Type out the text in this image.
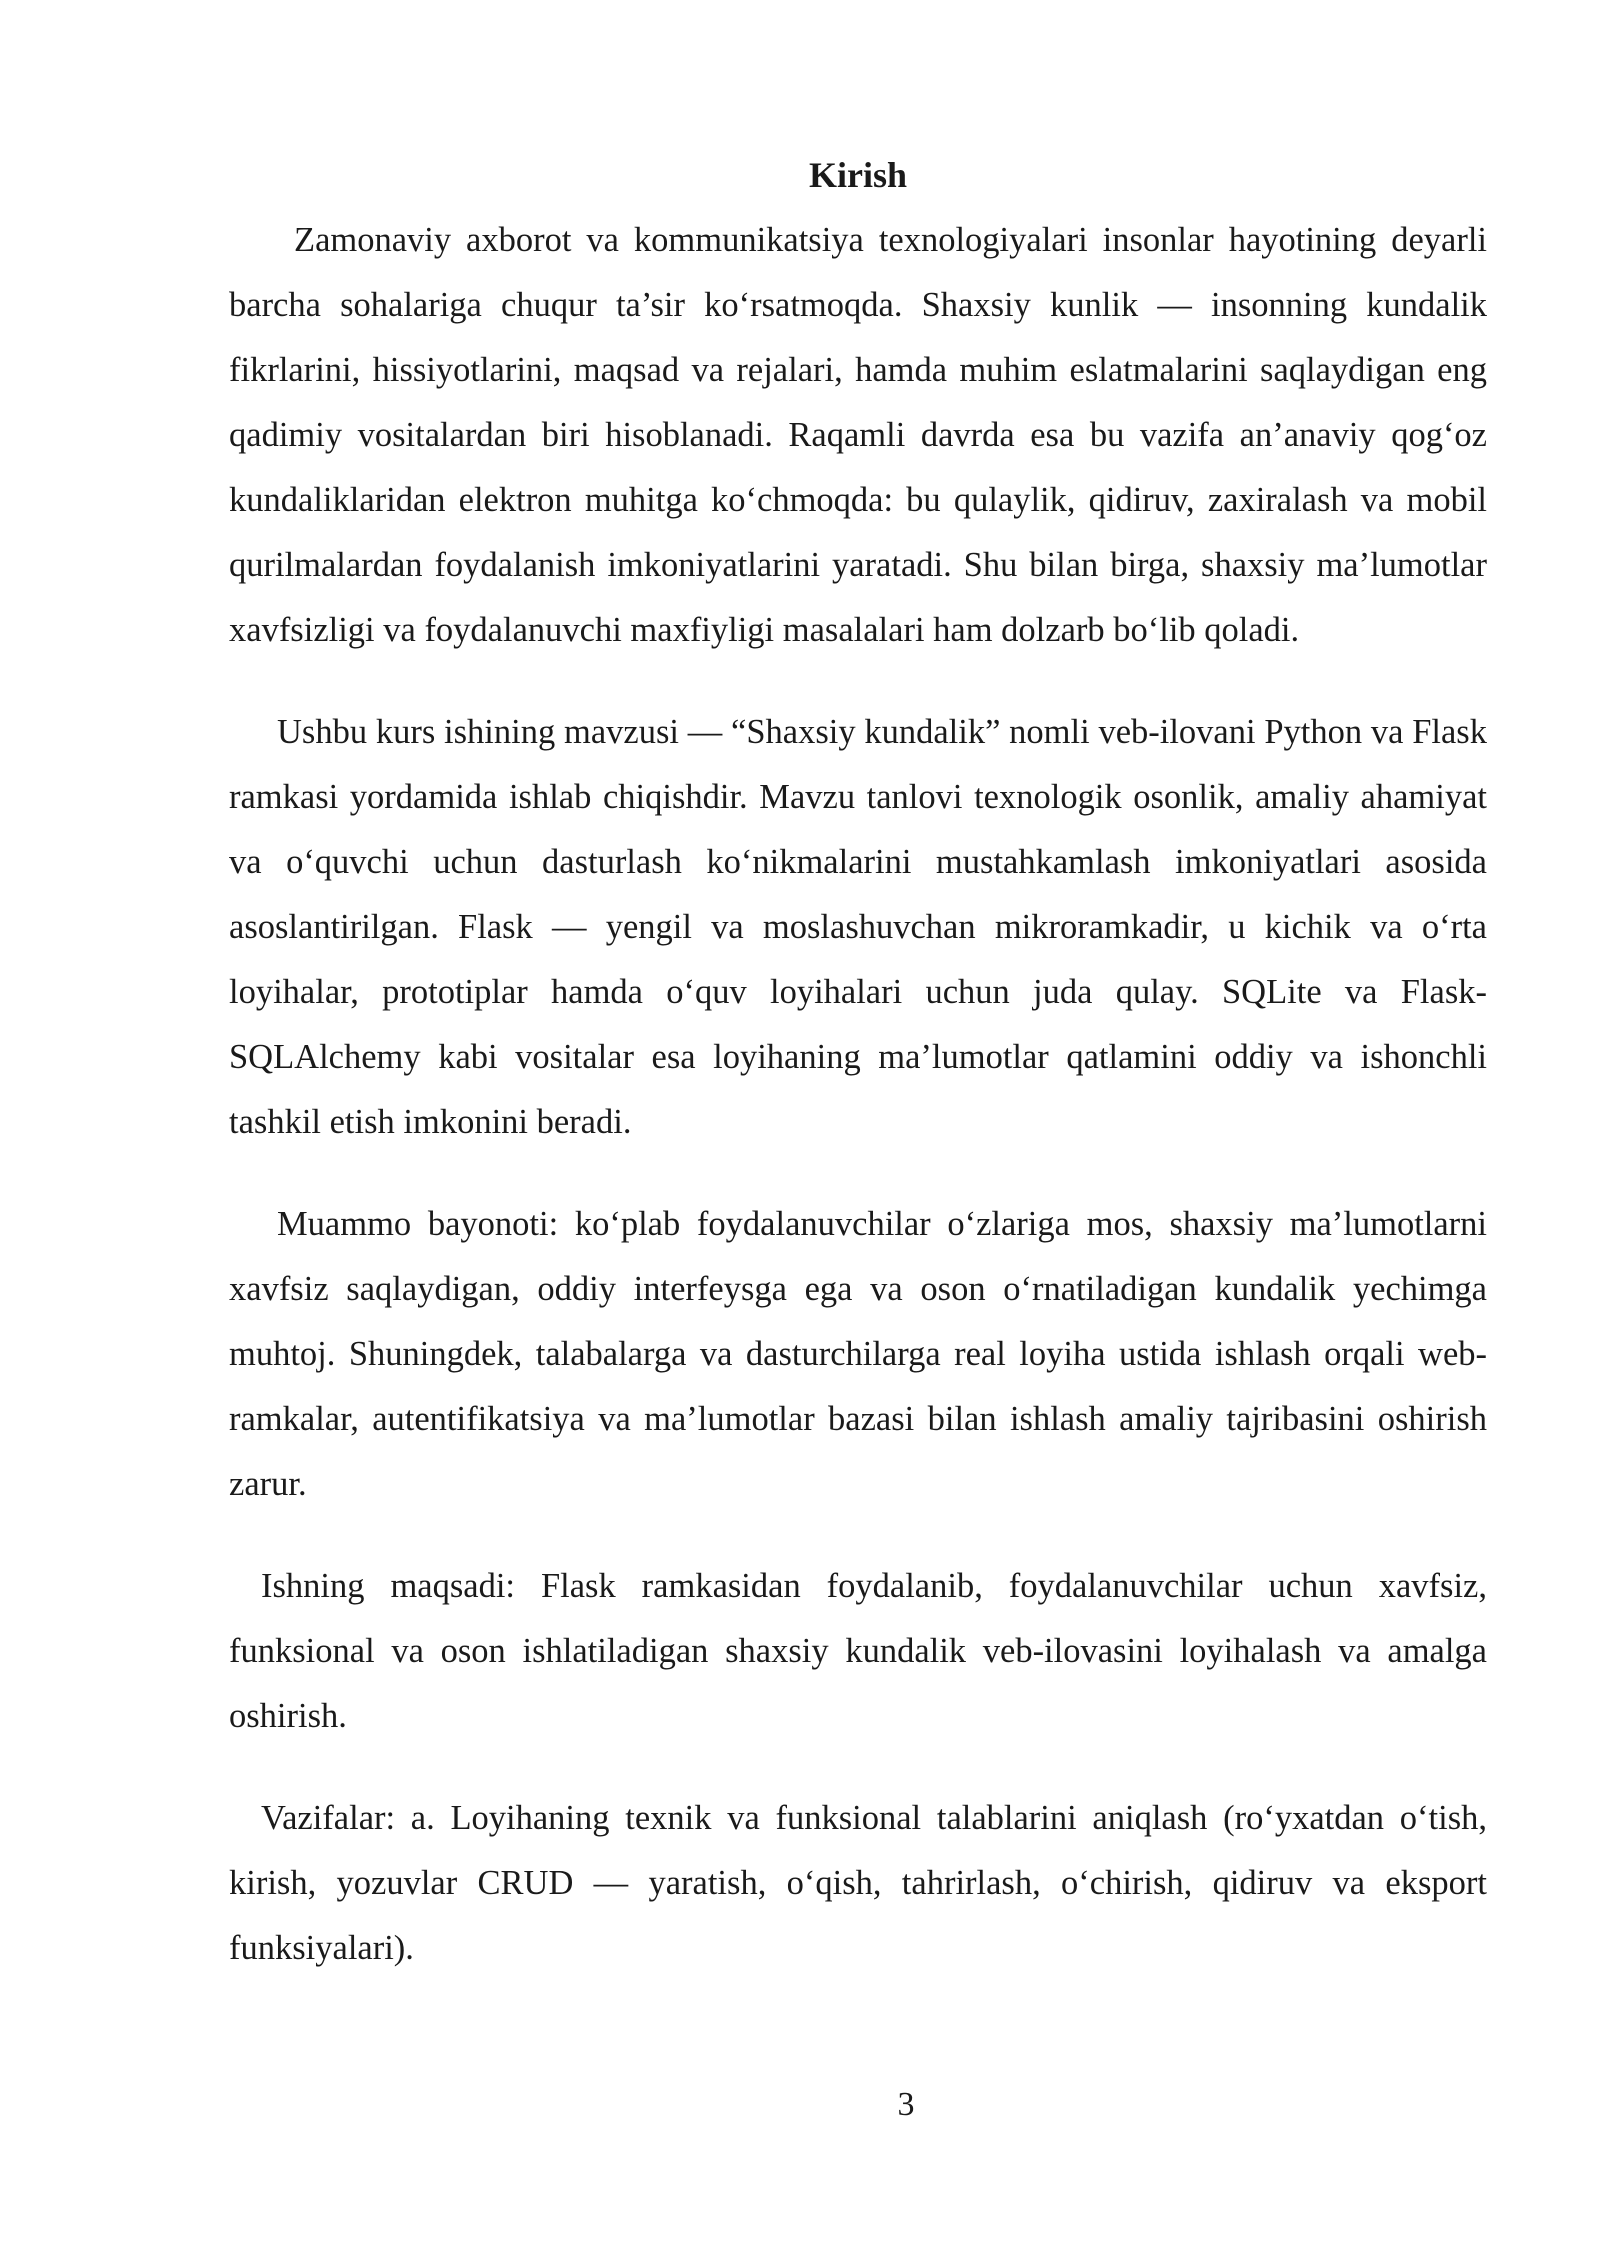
Kirish

Zamonaviy axborot va kommunikatsiya texnologiyalari insonlar hayotining deyarli barcha sohalariga chuqur ta’sir ko‘rsatmoqda. Shaxsiy kunlik — insonning kundalik fikrlarini, hissiyotlarini, maqsad va rejalari, hamda muhim eslatmalarini saqlaydigan eng qadimiy vositalardan biri hisoblanadi. Raqamli davrda esa bu vazifa an’anaviy qog‘oz kundaliklaridan elektron muhitga ko‘chmoqda: bu qulaylik, qidiruv, zaxiralash va mobil qurilmalardan foydalanish imkoniyatlarini yaratadi. Shu bilan birga, shaxsiy ma’lumotlar xavfsizligi va foydalanuvchi maxfiyligi masalalari ham dolzarb bo‘lib qoladi.

Ushbu kurs ishining mavzusi — “Shaxsiy kundalik” nomli veb-ilovani Python va Flask ramkasi yordamida ishlab chiqishdir. Mavzu tanlovi texnologik osonlik, amaliy ahamiyat va o‘quvchi uchun dasturlash ko‘nikmalarini mustahkamlash imkoniyatlari asosida asoslantirilgan. Flask — yengil va moslashuvchan mikroramkadir, u kichik va o‘rta loyihalar, prototiplar hamda o‘quv loyihalari uchun juda qulay. SQLite va Flask-SQLAlchemy kabi vositalar esa loyihaning ma’lumotlar qatlamini oddiy va ishonchli tashkil etish imkonini beradi.

Muammo bayonoti: ko‘plab foydalanuvchilar o‘zlariga mos, shaxsiy ma’lumotlarni xavfsiz saqlaydigan, oddiy interfeysga ega va oson o‘rnatiladigan kundalik yechimga muhtoj. Shuningdek, talabalarga va dasturchilarga real loyiha ustida ishlash orqali web-ramkalar, autentifikatsiya va ma’lumotlar bazasi bilan ishlash amaliy tajribasini oshirish zarur.

Ishning maqsadi: Flask ramkasidan foydalanib, foydalanuvchilar uchun xavfsiz, funksional va oson ishlatiladigan shaxsiy kundalik veb-ilovasini loyihalash va amalga oshirish.

Vazifalar: a. Loyihaning texnik va funksional talablarini aniqlash (ro‘yxatdan o‘tish, kirish, yozuvlar CRUD — yaratish, o‘qish, tahrirlash, o‘chirish, qidiruv va eksport funksiyalari).

3
